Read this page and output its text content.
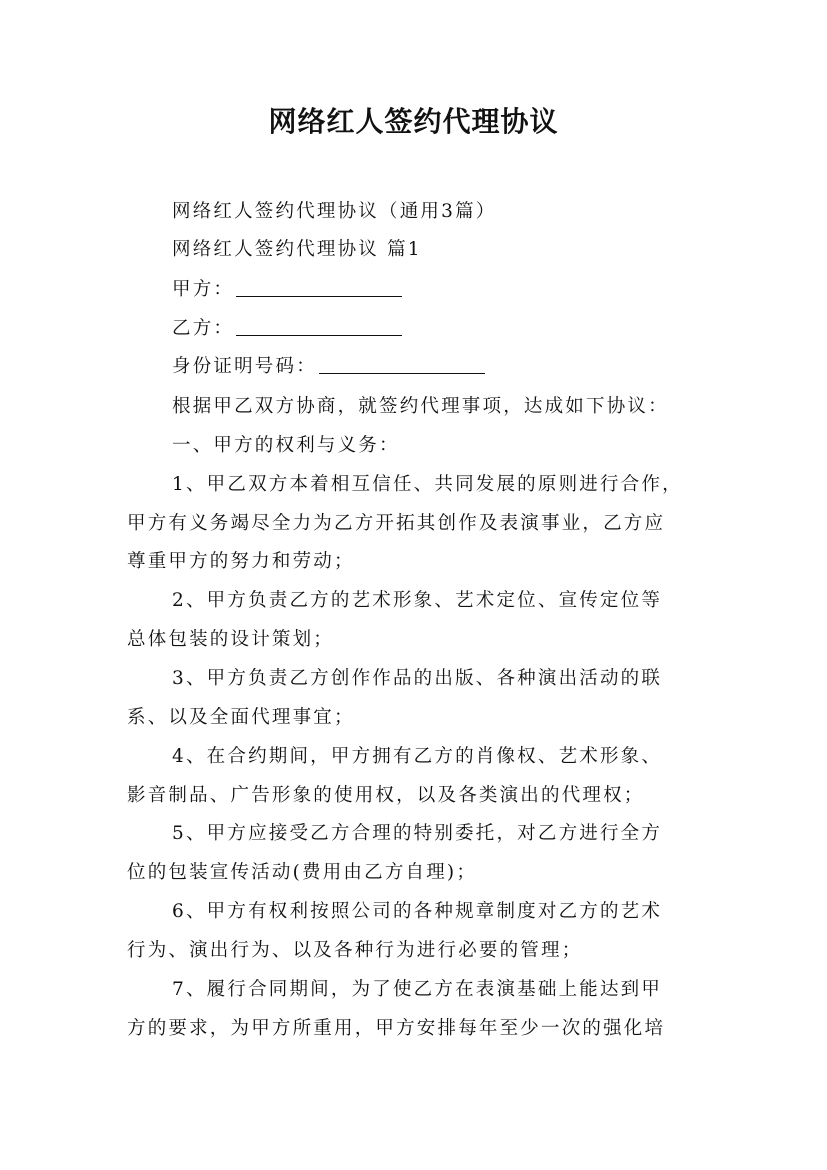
网络红人签约代理协议
网络红人签约代理协议（通用3篇）
网络红人签约代理协议 篇1
甲方：
乙方：
身份证明号码：
根据甲乙双方协商，就签约代理事项，达成如下协议：
一、甲方的权利与义务：
1、甲乙双方本着相互信任、共同发展的原则进行合作，
甲方有义务竭尽全力为乙方开拓其创作及表演事业，乙方应
尊重甲方的努力和劳动；
2、甲方负责乙方的艺术形象、艺术定位、宣传定位等
总体包装的设计策划；
3、甲方负责乙方创作作品的出版、各种演出活动的联
系、以及全面代理事宜；
4、在合约期间，甲方拥有乙方的肖像权、艺术形象、
影音制品、广告形象的使用权，以及各类演出的代理权；
5、甲方应接受乙方合理的特别委托，对乙方进行全方
位的包装宣传活动(费用由乙方自理)；
6、甲方有权利按照公司的各种规章制度对乙方的艺术
行为、演出行为、以及各种行为进行必要的管理；
7、履行合同期间，为了使乙方在表演基础上能达到甲
方的要求，为甲方所重用，甲方安排每年至少一次的强化培
